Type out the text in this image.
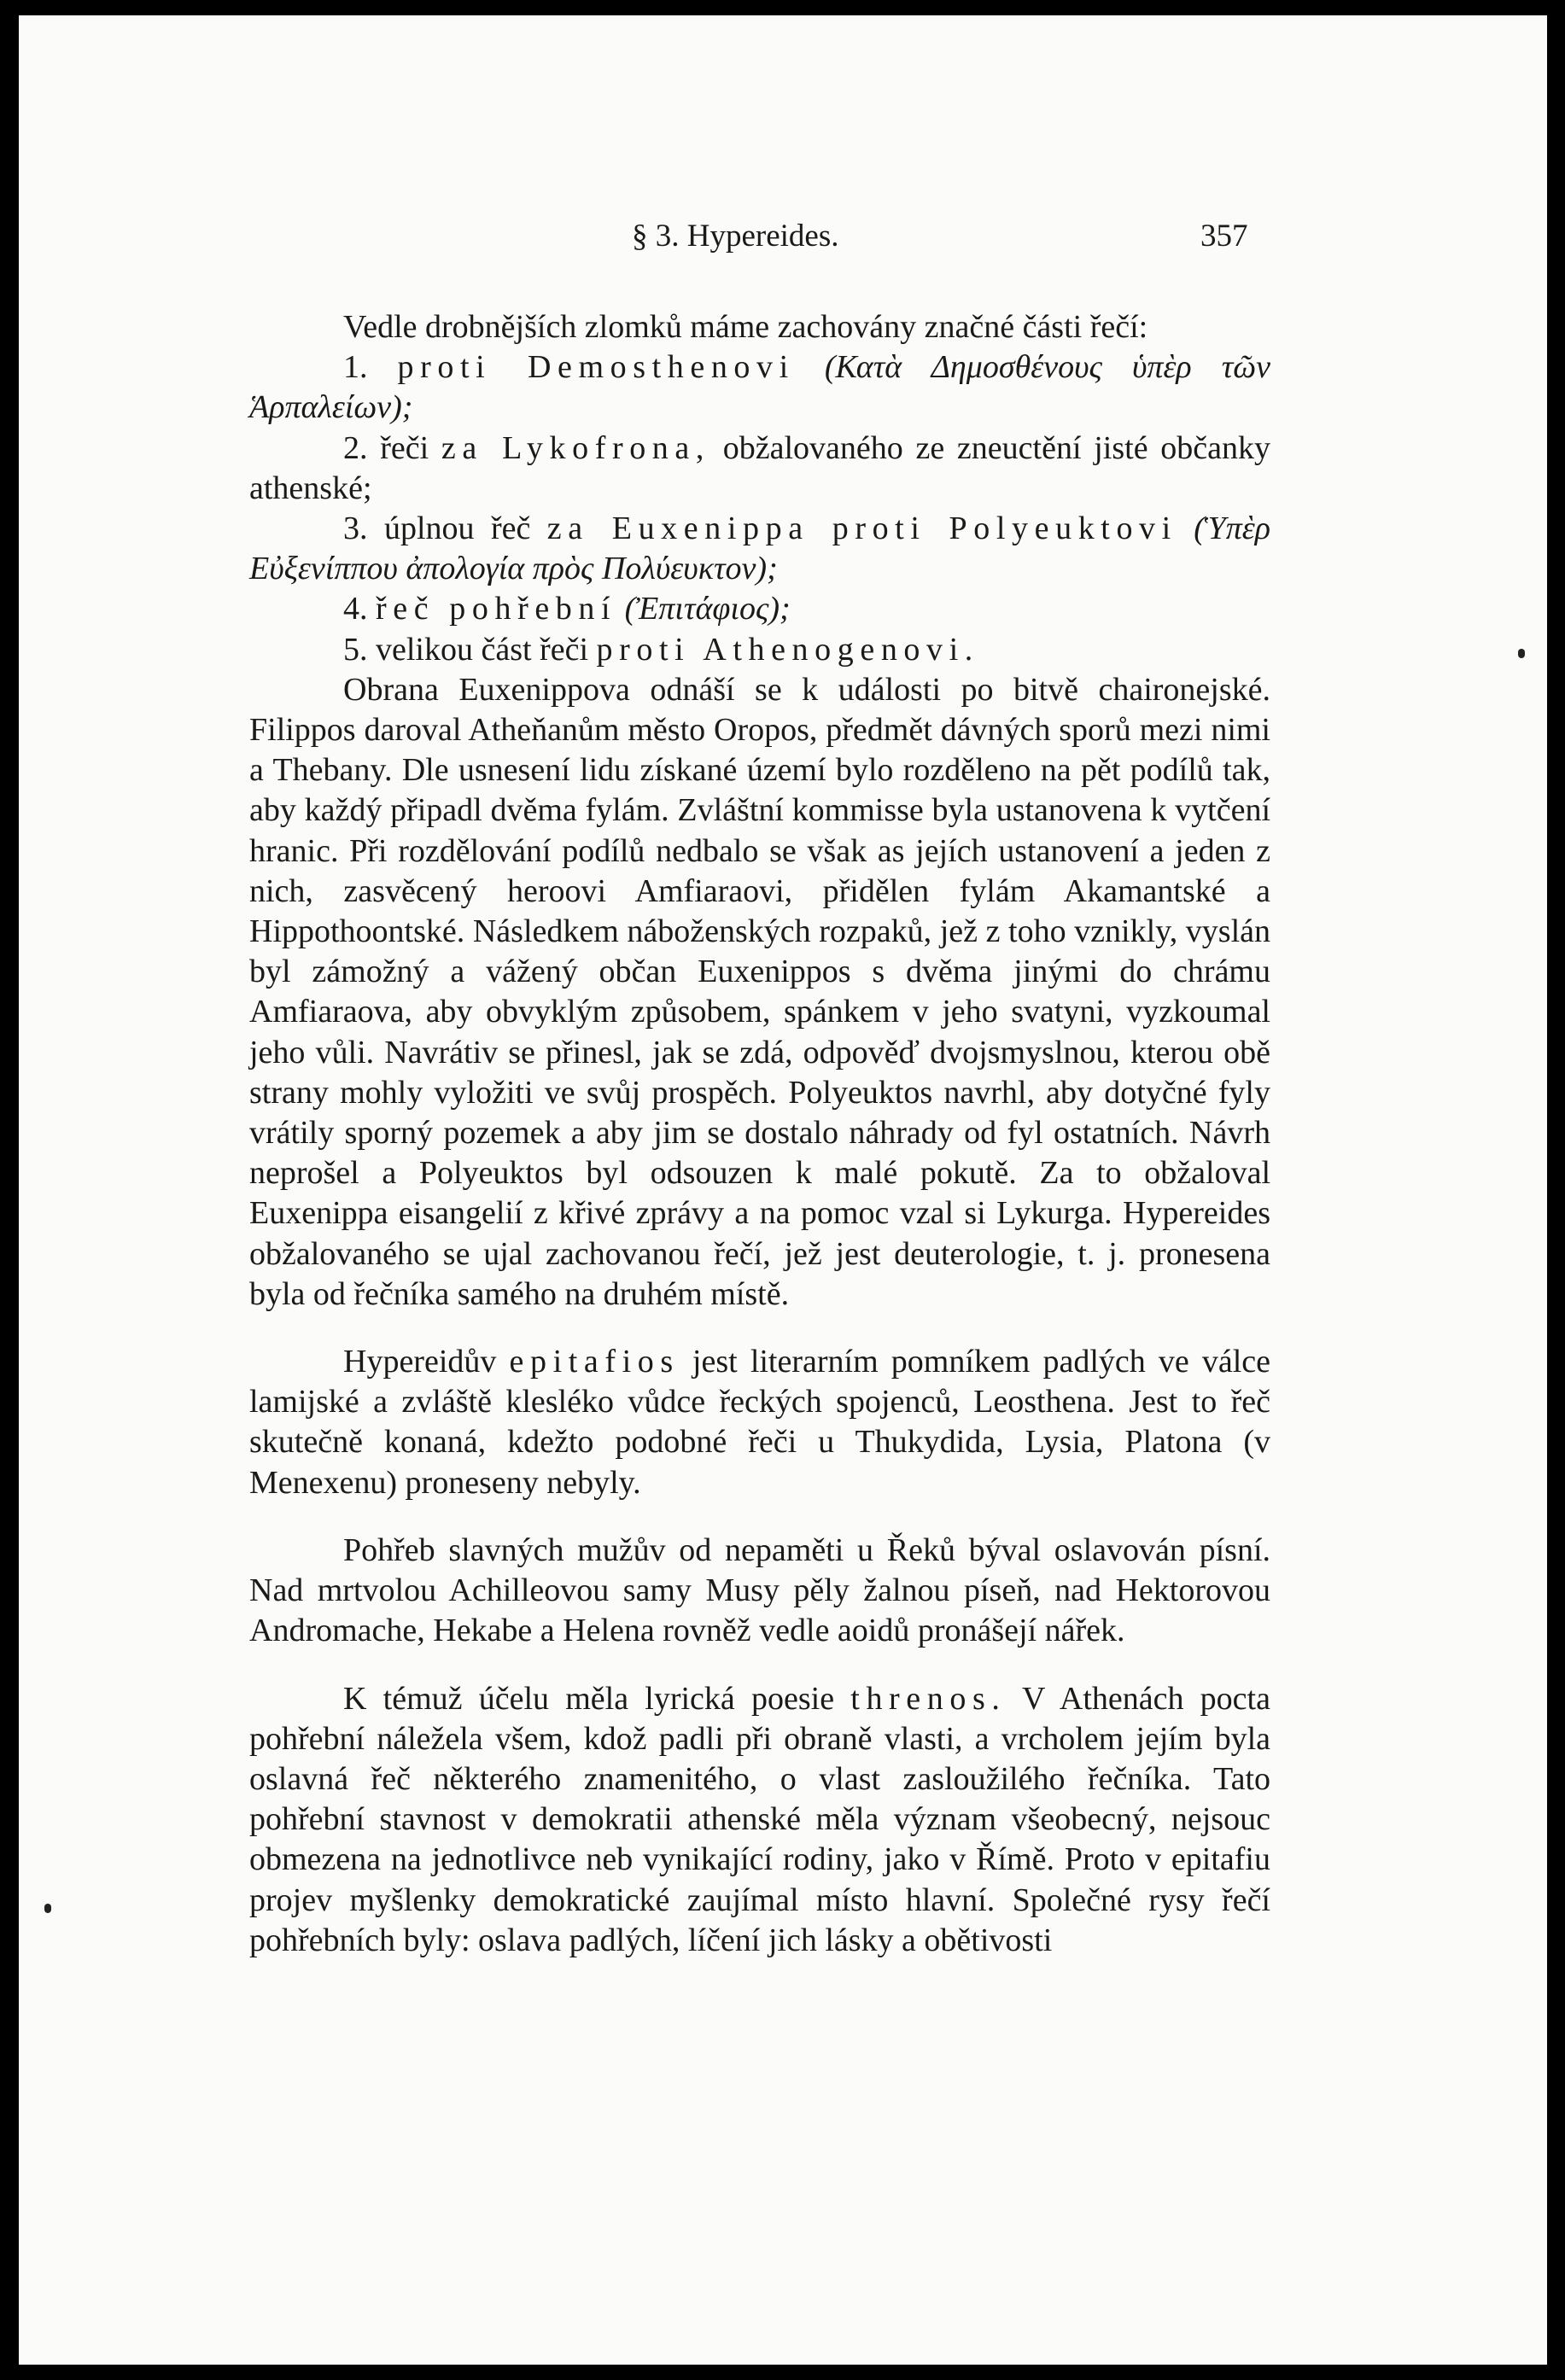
§ 3. Hypereides.	357

Vedle drobnějších zlomků máme zachovány značné části řečí:

1. proti Demosthenovi (Κατὰ Δημοσθένους ὑπὲρ τῶν Ἁρπαλείων);

2. řeči za Lykofrona, obžalovaného ze zneuctění jisté občanky athenské;

3. úplnou řeč za Euxenippa proti Polyeuktovi (Ὑπὲρ Εὐξενίππου ἀπολογία πρὸς Πολύευκτον);

4. řeč pohřební (Ἐπιτάφιος);

5. velikou část řeči proti Athenogenovi.

Obrana Euxenippova odnáší se k události po bitvě chaironejské. Filippos daroval Atheňanům město Oropos, předmět dávných sporů mezi nimi a Thebany. Dle usnesení lidu získané území bylo rozděleno na pět podílů tak, aby každý připadl dvěma fylám. Zvláštní kommisse byla ustanovena k vytčení hranic. Při rozdělování podílů nedbalo se však as jejích ustanovení a jeden z nich, zasvěcený heroovi Amfiaraovi, přidělen fylám Akamantské a Hippothoontské. Následkem náboženských rozpaků, jež z toho vznikly, vyslán byl zámožný a vážený občan Euxenippos s dvěma jinými do chrámu Amfiaraova, aby obvyklým způsobem, spánkem v jeho svatyni, vyzkoumal jeho vůli. Navrátiv se přinesl, jak se zdá, odpověď dvojsmyslnou, kterou obě strany mohly vyložiti ve svůj prospěch. Polyeuktos navrhl, aby dotyčné fyly vrátily sporný pozemek a aby jim se dostalo náhrady od fyl ostatních. Návrh neprošel a Polyeuktos byl odsouzen k malé pokutě. Za to obžaloval Euxenippa eisangelií z křivé zprávy a na pomoc vzal si Lykurga. Hypereides obžalovaného se ujal zachovanou řečí, jež jest deuterologie, t. j. pronesena byla od řečníka samého na druhém místě.

Hypereidův epitafios jest literarním pomníkem padlých ve válce lamijské a zvláště klesléko vůdce řeckých spojenců, Leosthena. Jest to řeč skutečně konaná, kdežto podobné řeči u Thukydida, Lysia, Platona (v Menexenu) proneseny nebyly.

Pohřeb slavných mužův od nepaměti u Řeků býval oslavován písní. Nad mrtvolou Achilleovou samy Musy pěly žalnou píseň, nad Hektorovou Andromache, Hekabe a Helena rovněž vedle aoidů pronášejí nářek.

K témuž účelu měla lyrická poesie threnos. V Athenách pocta pohřební náležela všem, kdož padli při obraně vlasti, a vrcholem jejím byla oslavná řeč některého znamenitého, o vlast zasloužilého řečníka. Tato pohřební stavnost v demokratii athenské měla význam všeobecný, nejsouc obmezena na jednotlivce neb vynikající rodiny, jako v Římě. Proto v epitafiu projev myšlenky demokratické zaujímal místo hlavní. Společné rysy řečí pohřebních byly: oslava padlých, líčení jich lásky a obětivosti
